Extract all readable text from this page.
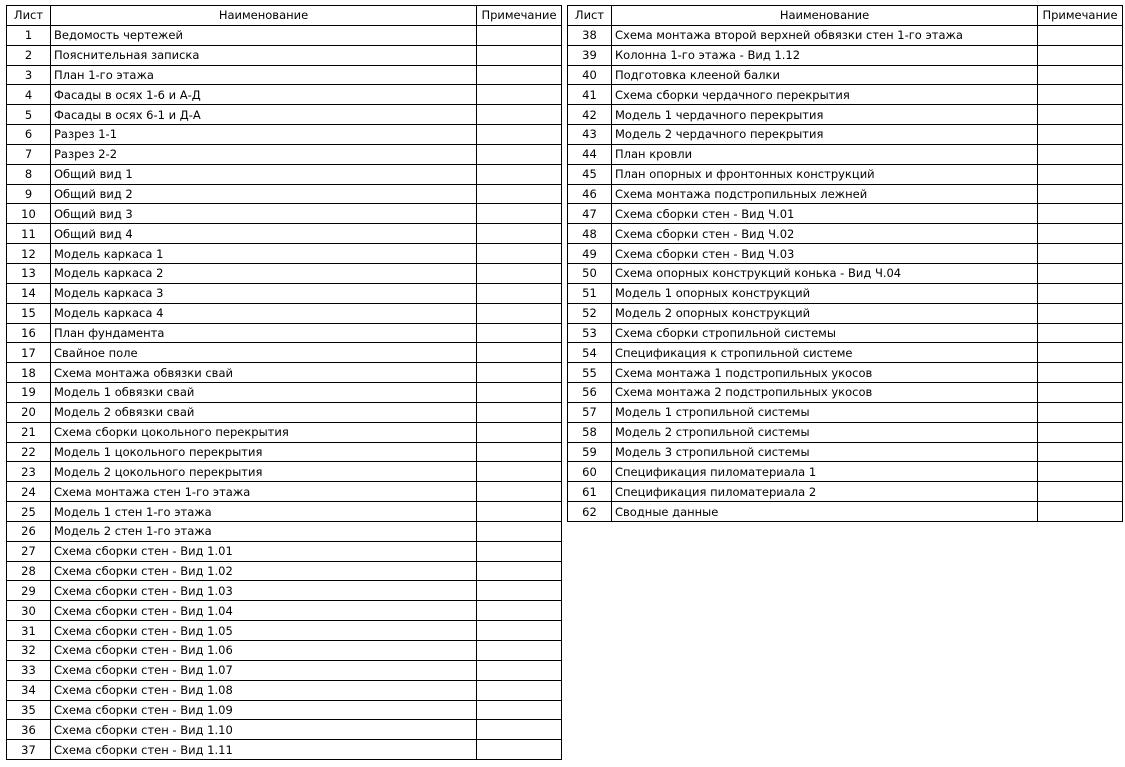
Лист	Наименование	Примечание
1	Ведомость чертежей	
2	Пояснительная записка	
3	План 1-го этажа	
4	Фасады в осях 1-6 и А-Д	
5	Фасады в осях 6-1 и Д-А	
6	Разрез 1-1	
7	Разрез 2-2	
8	Общий вид 1	
9	Общий вид 2	
10	Общий вид 3	
11	Общий вид 4	
12	Модель каркаса 1	
13	Модель каркаса 2	
14	Модель каркаса 3	
15	Модель каркаса 4	
16	План фундамента	
17	Свайное поле	
18	Схема монтажа обвязки свай	
19	Модель 1 обвязки свай	
20	Модель 2 обвязки свай	
21	Схема сборки цокольного перекрытия	
22	Модель 1 цокольного перекрытия	
23	Модель 2 цокольного перекрытия	
24	Схема монтажа стен 1-го этажа	
25	Модель 1 стен 1-го этажа	
26	Модель 2 стен 1-го этажа	
27	Схема сборки стен - Вид 1.01	
28	Схема сборки стен - Вид 1.02	
29	Схема сборки стен - Вид 1.03	
30	Схема сборки стен - Вид 1.04	
31	Схема сборки стен - Вид 1.05	
32	Схема сборки стен - Вид 1.06	
33	Схема сборки стен - Вид 1.07	
34	Схема сборки стен - Вид 1.08	
35	Схема сборки стен - Вид 1.09	
36	Схема сборки стен - Вид 1.10	
37	Схема сборки стен - Вид 1.11	
Лист	Наименование	Примечание
38	Схема монтажа второй верхней обвязки стен 1-го этажа	
39	Колонна 1-го этажа - Вид 1.12	
40	Подготовка клееной балки	
41	Схема сборки чердачного перекрытия	
42	Модель 1 чердачного перекрытия	
43	Модель 2 чердачного перекрытия	
44	План кровли	
45	План опорных и фронтонных конструкций	
46	Схема монтажа подстропильных лежней	
47	Схема сборки стен - Вид Ч.01	
48	Схема сборки стен - Вид Ч.02	
49	Схема сборки стен - Вид Ч.03	
50	Схема опорных конструкций конька - Вид Ч.04	
51	Модель 1 опорных конструкций	
52	Модель 2 опорных конструкций	
53	Схема сборки стропильной системы	
54	Спецификация к стропильной системе	
55	Схема монтажа 1 подстропильных укосов	
56	Схема монтажа 2 подстропильных укосов	
57	Модель 1 стропильной системы	
58	Модель 2 стропильной системы	
59	Модель 3 стропильной системы	
60	Спецификация пиломатериала 1	
61	Спецификация пиломатериала 2	
62	Сводные данные	
